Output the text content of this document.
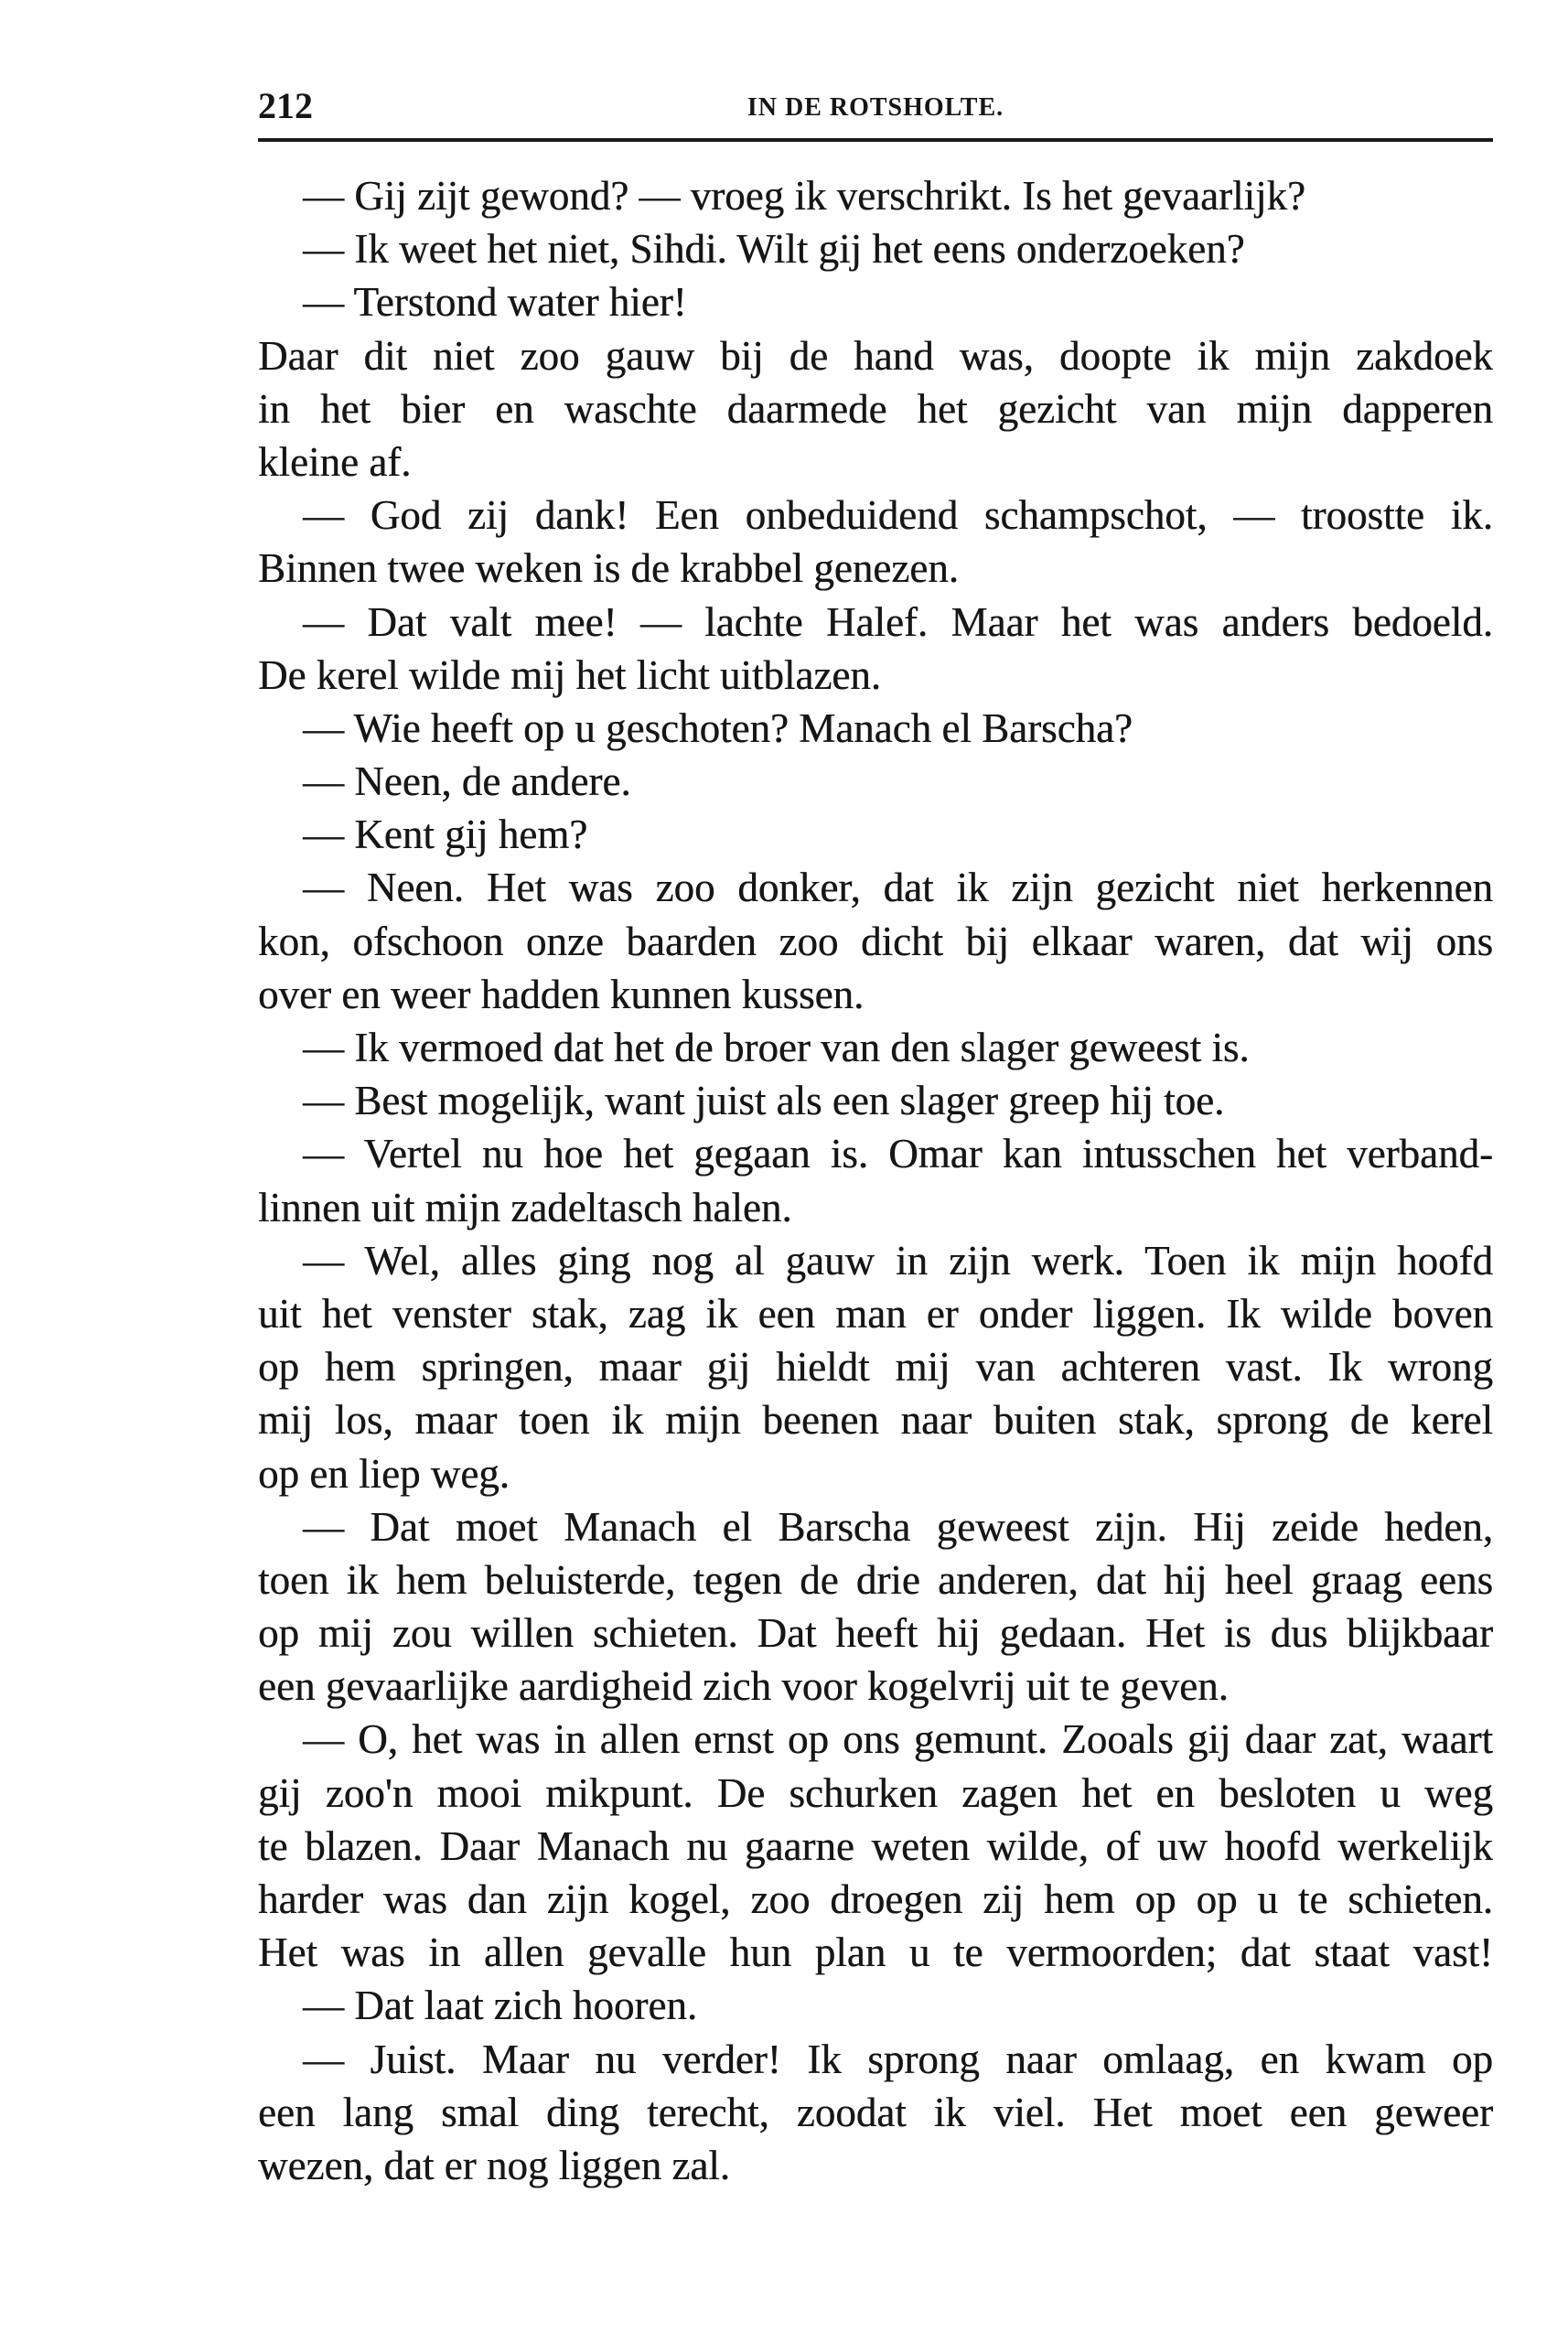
212	IN DE ROTSHOLTE.
— Gij zijt gewond? — vroeg ik verschrikt. Is het gevaarlijk?
— Ik weet het niet, Sihdi. Wilt gij het eens onderzoeken?
— Terstond water hier!
Daar dit niet zoo gauw bij de hand was, doopte ik mijn zakdoek
in het bier en waschte daarmede het gezicht van mijn dapperen
kleine af.
— God zij dank! Een onbeduidend schampschot, — troostte ik.
Binnen twee weken is de krabbel genezen.
— Dat valt mee! — lachte Halef. Maar het was anders bedoeld.
De kerel wilde mij het licht uitblazen.
— Wie heeft op u geschoten? Manach el Barscha?
— Neen, de andere.
— Kent gij hem?
— Neen. Het was zoo donker, dat ik zijn gezicht niet herkennen
kon, ofschoon onze baarden zoo dicht bij elkaar waren, dat wij ons
over en weer hadden kunnen kussen.
— Ik vermoed dat het de broer van den slager geweest is.
— Best mogelijk, want juist als een slager greep hij toe.
— Vertel nu hoe het gegaan is. Omar kan intusschen het verband-
linnen uit mijn zadeltasch halen.
— Wel, alles ging nog al gauw in zijn werk. Toen ik mijn hoofd
uit het venster stak, zag ik een man er onder liggen. Ik wilde boven
op hem springen, maar gij hieldt mij van achteren vast. Ik wrong
mij los, maar toen ik mijn beenen naar buiten stak, sprong de kerel
op en liep weg.
— Dat moet Manach el Barscha geweest zijn. Hij zeide heden,
toen ik hem beluisterde, tegen de drie anderen, dat hij heel graag eens
op mij zou willen schieten. Dat heeft hij gedaan. Het is dus blijkbaar
een gevaarlijke aardigheid zich voor kogelvrij uit te geven.
— O, het was in allen ernst op ons gemunt. Zooals gij daar zat, waart
gij zoo'n mooi mikpunt. De schurken zagen het en besloten u weg
te blazen. Daar Manach nu gaarne weten wilde, of uw hoofd werkelijk
harder was dan zijn kogel, zoo droegen zij hem op op u te schieten.
Het was in allen gevalle hun plan u te vermoorden; dat staat vast!
— Dat laat zich hooren.
— Juist. Maar nu verder! Ik sprong naar omlaag, en kwam op
een lang smal ding terecht, zoodat ik viel. Het moet een geweer
wezen, dat er nog liggen zal.
